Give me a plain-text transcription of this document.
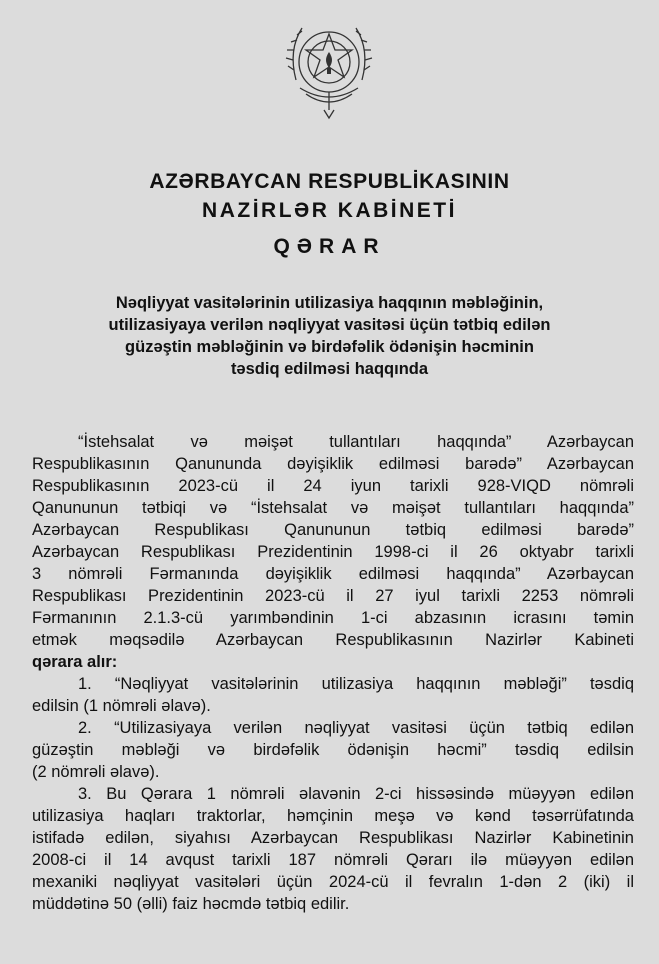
AZƏRBAYCAN RESPUBLİKASININ
NAZİRLƏR KABİNETİ
QƏRAR
Nəqliyyat vasitələrinin utilizasiya haqqının məbləğinin,
utilizasiyaya verilən nəqliyyat vasitəsi üçün tətbiq edilən
güzəştin məbləğinin və birdəfəlik ödənişin həcminin
təsdiq edilməsi haqqında
“İstehsalat və məişət tullantıları haqqında” Azərbaycan
Respublikasının Qanununda dəyişiklik edilməsi barədə” Azərbaycan
Respublikasının 2023-cü il 24 iyun tarixli 928-VIQD nömrəli
Qanununun tətbiqi və “İstehsalat və məişət tullantıları haqqında”
Azərbaycan Respublikası Qanununun tətbiq edilməsi barədə”
Azərbaycan Respublikası Prezidentinin 1998-ci il 26 oktyabr tarixli
3 nömrəli Fərmanında dəyişiklik edilməsi haqqında” Azərbaycan
Respublikası Prezidentinin 2023-cü il 27 iyul tarixli 2253 nömrəli
Fərmanının 2.1.3-cü yarımbəndinin 1-ci abzasının icrasını təmin
etmək məqsədilə Azərbaycan Respublikasının Nazirlər Kabineti
qərara alır:
1. “Nəqliyyat vasitələrinin utilizasiya haqqının məbləği” təsdiq
edilsin (1 nömrəli əlavə).
2. “Utilizasiyaya verilən nəqliyyat vasitəsi üçün tətbiq edilən
güzəştin məbləği və birdəfəlik ödənişin həcmi” təsdiq edilsin
(2 nömrəli əlavə).
3. Bu Qərara 1 nömrəli əlavənin 2-ci hissəsində müəyyən edilən
utilizasiya haqları traktorlar, həmçinin meşə və kənd təsərrüfatında
istifadə edilən, siyahısı Azərbaycan Respublikası Nazirlər Kabinetinin
2008-ci il 14 avqust tarixli 187 nömrəli Qərarı ilə müəyyən edilən
mexaniki nəqliyyat vasitələri üçün 2024-cü il fevralın 1-dən 2 (iki) il
müddətinə 50 (əlli) faiz həcmdə tətbiq edilir.
